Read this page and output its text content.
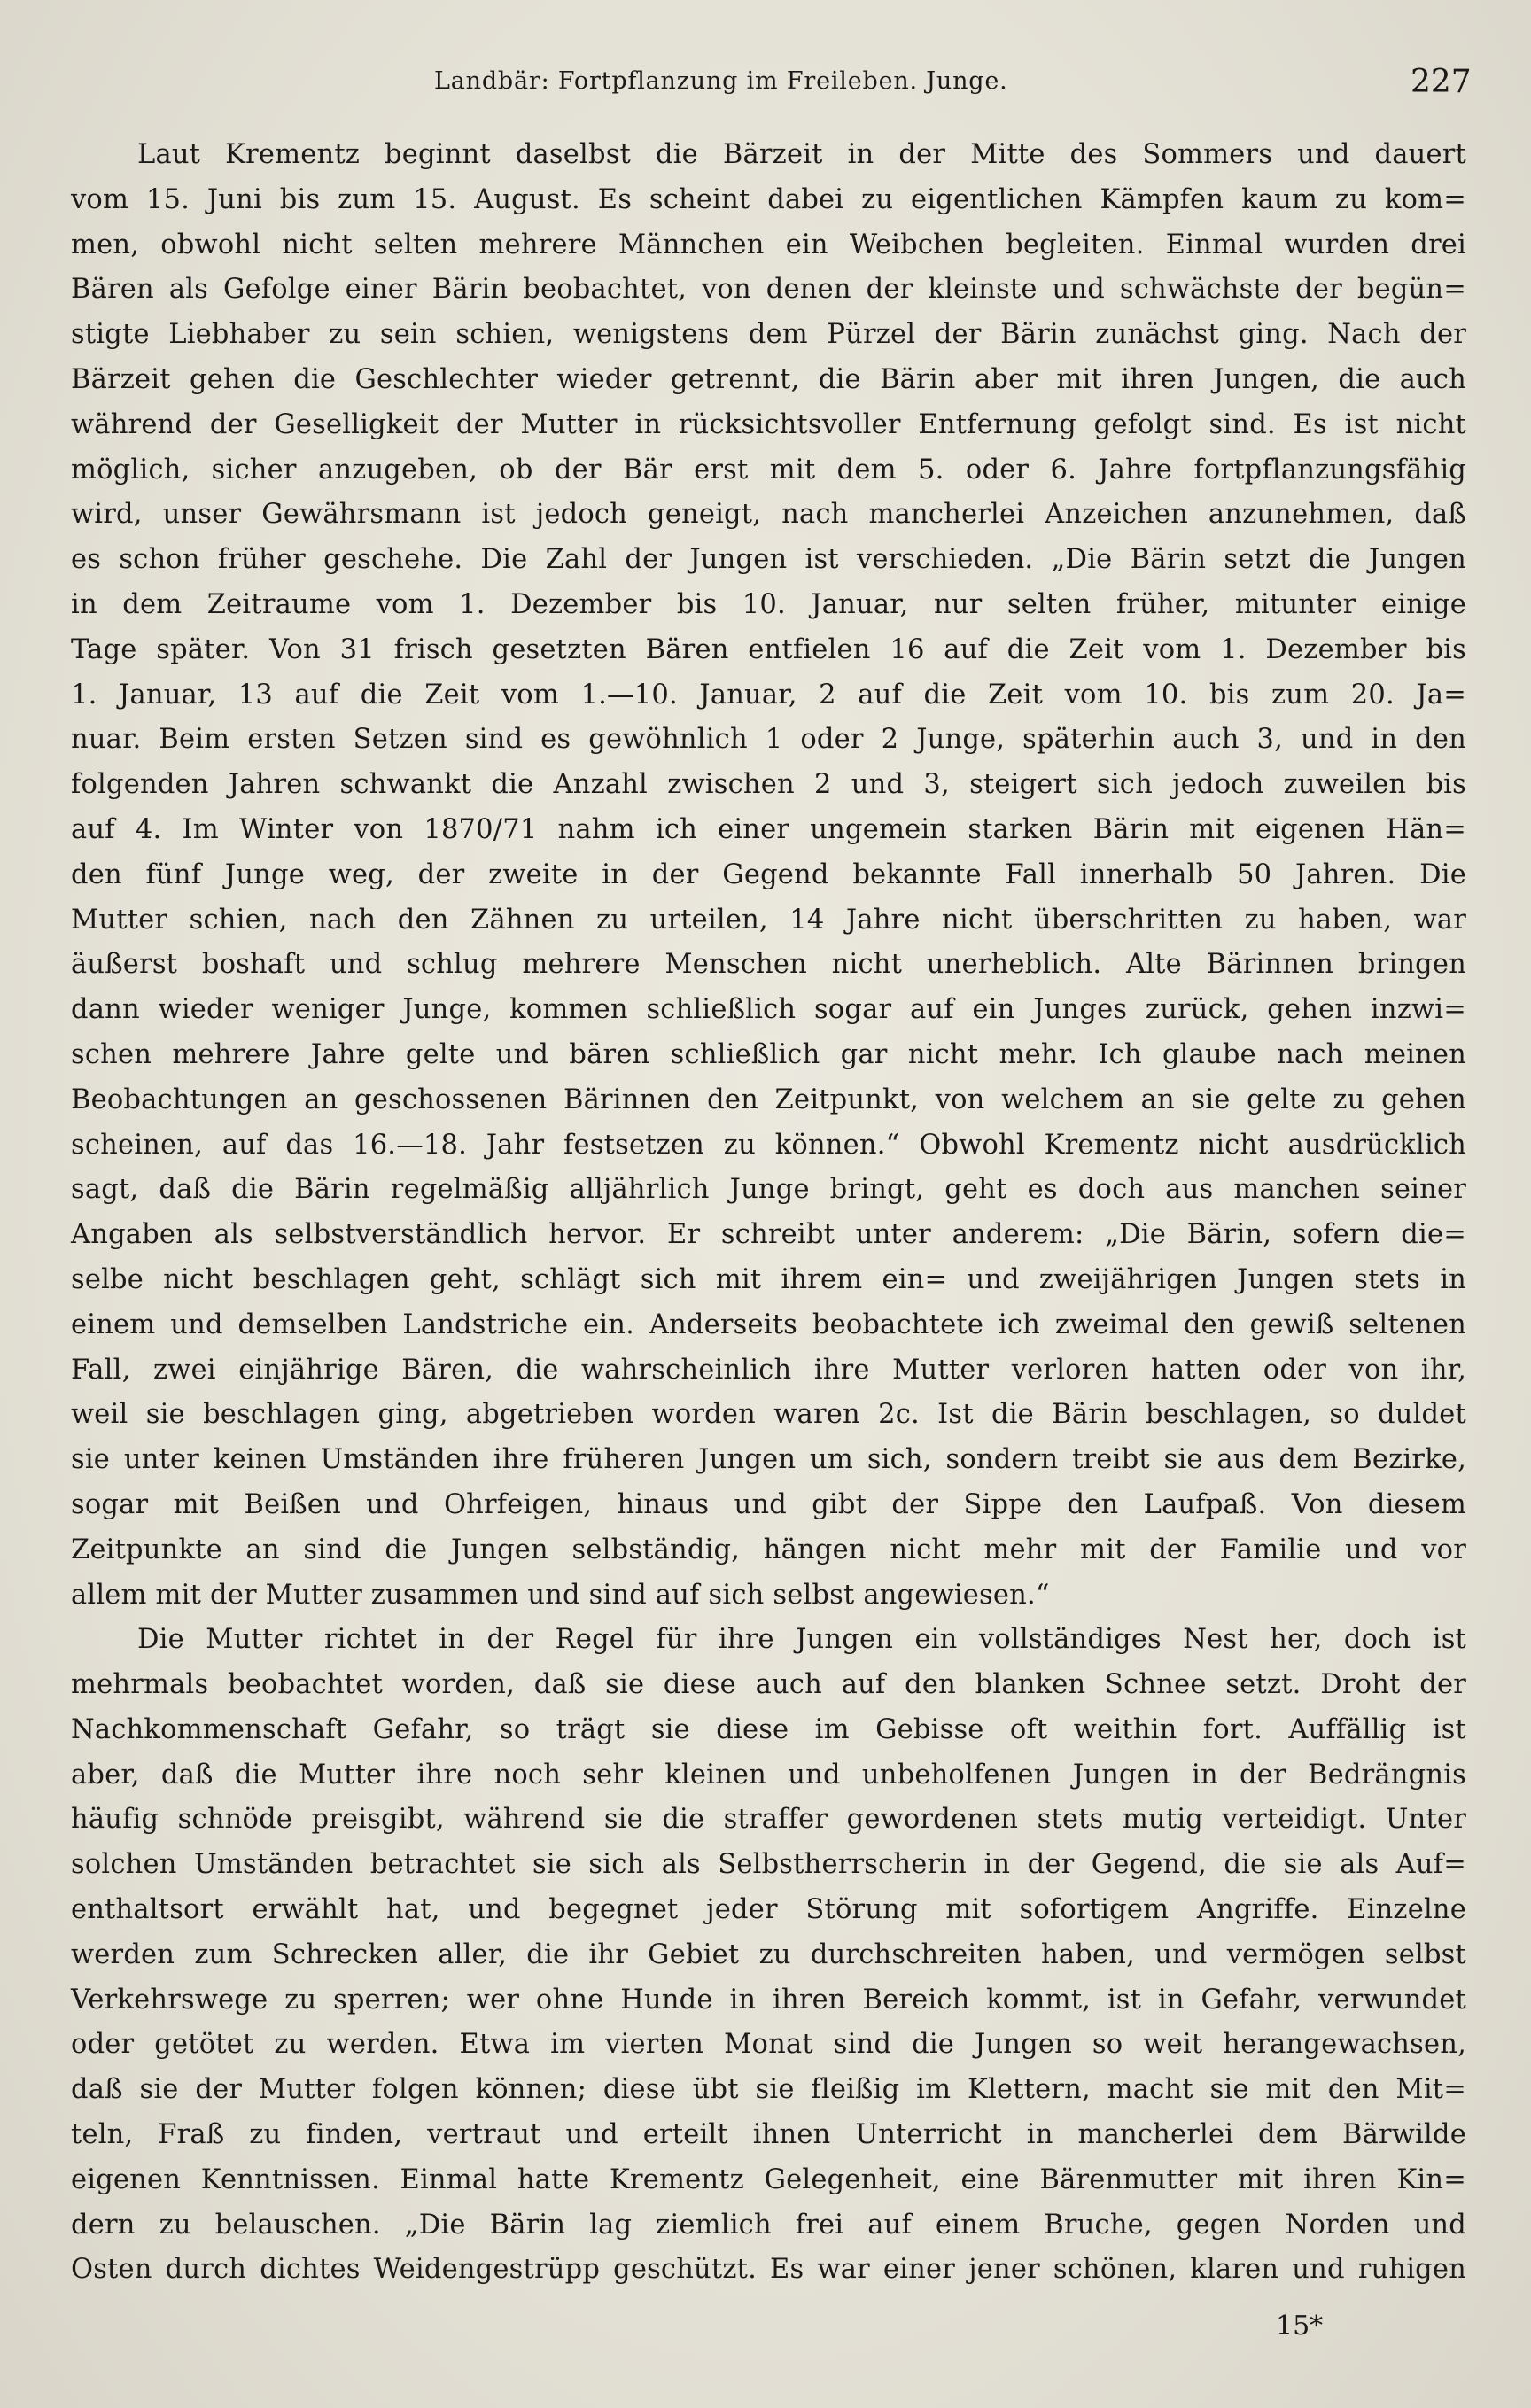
Landbär: Fortpflanzung im Freileben. Junge.	227
Laut Krementz beginnt daselbst die Bärzeit in der Mitte des Sommers und dauert
vom 15. Juni bis zum 15. August. Es scheint dabei zu eigentlichen Kämpfen kaum zu kom=
men, obwohl nicht selten mehrere Männchen ein Weibchen begleiten. Einmal wurden drei
Bären als Gefolge einer Bärin beobachtet, von denen der kleinste und schwächste der begün=
stigte Liebhaber zu sein schien, wenigstens dem Pürzel der Bärin zunächst ging. Nach der
Bärzeit gehen die Geschlechter wieder getrennt, die Bärin aber mit ihren Jungen, die auch
während der Geselligkeit der Mutter in rücksichtsvoller Entfernung gefolgt sind. Es ist nicht
möglich, sicher anzugeben, ob der Bär erst mit dem 5. oder 6. Jahre fortpflanzungsfähig
wird, unser Gewährsmann ist jedoch geneigt, nach mancherlei Anzeichen anzunehmen, daß
es schon früher geschehe. Die Zahl der Jungen ist verschieden. „Die Bärin setzt die Jungen
in dem Zeitraume vom 1. Dezember bis 10. Januar, nur selten früher, mitunter einige
Tage später. Von 31 frisch gesetzten Bären entfielen 16 auf die Zeit vom 1. Dezember bis
1. Januar, 13 auf die Zeit vom 1.—10. Januar, 2 auf die Zeit vom 10. bis zum 20. Ja=
nuar. Beim ersten Setzen sind es gewöhnlich 1 oder 2 Junge, späterhin auch 3, und in den
folgenden Jahren schwankt die Anzahl zwischen 2 und 3, steigert sich jedoch zuweilen bis
auf 4. Im Winter von 1870/71 nahm ich einer ungemein starken Bärin mit eigenen Hän=
den fünf Junge weg, der zweite in der Gegend bekannte Fall innerhalb 50 Jahren. Die
Mutter schien, nach den Zähnen zu urteilen, 14 Jahre nicht überschritten zu haben, war
äußerst boshaft und schlug mehrere Menschen nicht unerheblich. Alte Bärinnen bringen
dann wieder weniger Junge, kommen schließlich sogar auf ein Junges zurück, gehen inzwi=
schen mehrere Jahre gelte und bären schließlich gar nicht mehr. Ich glaube nach meinen
Beobachtungen an geschossenen Bärinnen den Zeitpunkt, von welchem an sie gelte zu gehen
scheinen, auf das 16.—18. Jahr festsetzen zu können.“ Obwohl Krementz nicht ausdrücklich
sagt, daß die Bärin regelmäßig alljährlich Junge bringt, geht es doch aus manchen seiner
Angaben als selbstverständlich hervor. Er schreibt unter anderem: „Die Bärin, sofern die=
selbe nicht beschlagen geht, schlägt sich mit ihrem ein= und zweijährigen Jungen stets in
einem und demselben Landstriche ein. Anderseits beobachtete ich zweimal den gewiß seltenen
Fall, zwei einjährige Bären, die wahrscheinlich ihre Mutter verloren hatten oder von ihr,
weil sie beschlagen ging, abgetrieben worden waren 2c. Ist die Bärin beschlagen, so duldet
sie unter keinen Umständen ihre früheren Jungen um sich, sondern treibt sie aus dem Bezirke,
sogar mit Beißen und Ohrfeigen, hinaus und gibt der Sippe den Laufpaß. Von diesem
Zeitpunkte an sind die Jungen selbständig, hängen nicht mehr mit der Familie und vor
allem mit der Mutter zusammen und sind auf sich selbst angewiesen.“
Die Mutter richtet in der Regel für ihre Jungen ein vollständiges Nest her, doch ist
mehrmals beobachtet worden, daß sie diese auch auf den blanken Schnee setzt. Droht der
Nachkommenschaft Gefahr, so trägt sie diese im Gebisse oft weithin fort. Auffällig ist
aber, daß die Mutter ihre noch sehr kleinen und unbeholfenen Jungen in der Bedrängnis
häufig schnöde preisgibt, während sie die straffer gewordenen stets mutig verteidigt. Unter
solchen Umständen betrachtet sie sich als Selbstherrscherin in der Gegend, die sie als Auf=
enthaltsort erwählt hat, und begegnet jeder Störung mit sofortigem Angriffe. Einzelne
werden zum Schrecken aller, die ihr Gebiet zu durchschreiten haben, und vermögen selbst
Verkehrswege zu sperren; wer ohne Hunde in ihren Bereich kommt, ist in Gefahr, verwundet
oder getötet zu werden. Etwa im vierten Monat sind die Jungen so weit herangewachsen,
daß sie der Mutter folgen können; diese übt sie fleißig im Klettern, macht sie mit den Mit=
teln, Fraß zu finden, vertraut und erteilt ihnen Unterricht in mancherlei dem Bärwilde
eigenen Kenntnissen. Einmal hatte Krementz Gelegenheit, eine Bärenmutter mit ihren Kin=
dern zu belauschen. „Die Bärin lag ziemlich frei auf einem Bruche, gegen Norden und
Osten durch dichtes Weidengestrüpp geschützt. Es war einer jener schönen, klaren und ruhigen
15*
